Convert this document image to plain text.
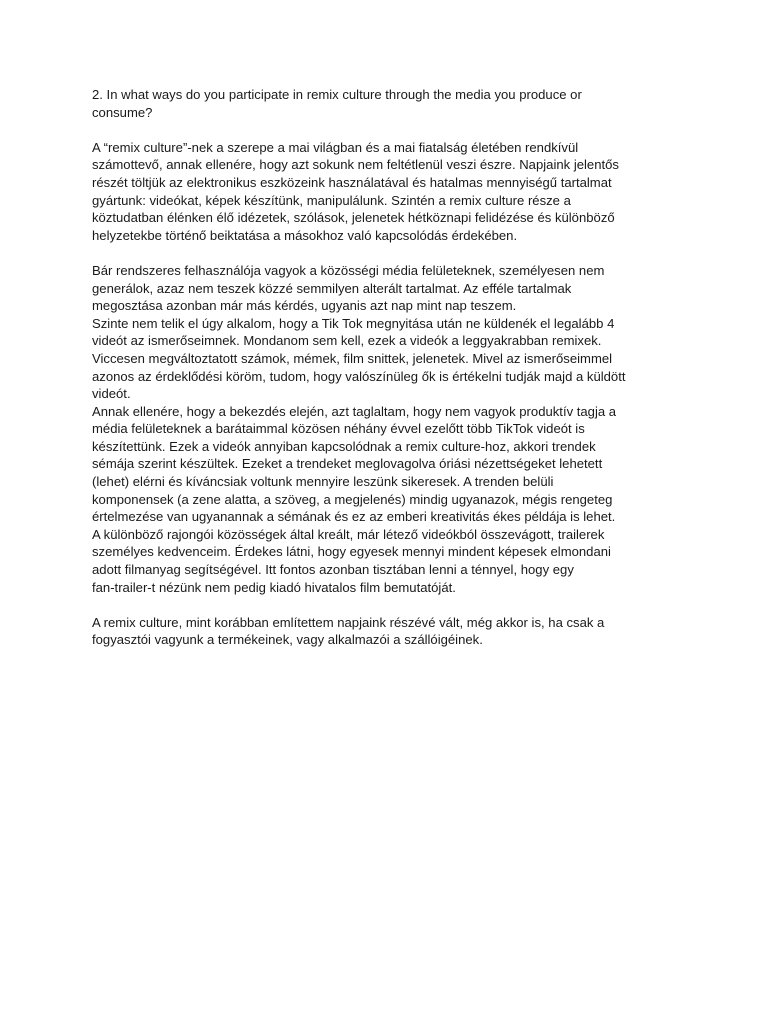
2. In what ways do you participate in remix culture through the media you produce or
consume?
A “remix culture”-nek a szerepe a mai világban és a mai fiatalság életében rendkívül
számottevő, annak ellenére, hogy azt sokunk nem feltétlenül veszi észre. Napjaink jelentős
részét töltjük az elektronikus eszközeink használatával és hatalmas mennyiségű tartalmat
gyártunk: videókat, képek készítünk, manipulálunk. Szintén a remix culture része a
köztudatban élénken élő idézetek, szólások, jelenetek hétköznapi felidézése és különböző
helyzetekbe történő beiktatása a másokhoz való kapcsolódás érdekében.
Bár rendszeres felhasználója vagyok a közösségi média felületeknek, személyesen nem
generálok, azaz nem teszek közzé semmilyen alterált tartalmat. Az efféle tartalmak
megosztása azonban már más kérdés, ugyanis azt nap mint nap teszem.
Szinte nem telik el úgy alkalom, hogy a Tik Tok megnyitása után ne küldenék el legalább 4
videót az ismerőseimnek. Mondanom sem kell, ezek a videók a leggyakrabban remixek.
Viccesen megváltoztatott számok, mémek, film snittek, jelenetek. Mivel az ismerőseimmel
azonos az érdeklődési köröm, tudom, hogy valószínüleg ők is értékelni tudják majd a küldött
videót.
Annak ellenére, hogy a bekezdés elején, azt taglaltam, hogy nem vagyok produktív tagja a
média felületeknek a barátaimmal közösen néhány évvel ezelőtt több TikTok videót is
készítettünk. Ezek a videók annyiban kapcsolódnak a remix culture-hoz, akkori trendek
sémája szerint készültek. Ezeket a trendeket meglovagolva óriási nézettségeket lehetett
(lehet) elérni és kíváncsiak voltunk mennyire leszünk sikeresek. A trenden belüli
komponensek (a zene alatta, a szöveg, a megjelenés) mindig ugyanazok, mégis rengeteg
értelmezése van ugyanannak a sémának és ez az emberi kreativitás ékes példája is lehet.
A különböző rajongói közösségek által kreált, már létező videókból összevágott, trailerek
személyes kedvenceim. Érdekes látni, hogy egyesek mennyi mindent képesek elmondani
adott filmanyag segítségével. Itt fontos azonban tisztában lenni a ténnyel, hogy egy
fan-trailer-t nézünk nem pedig kiadó hivatalos film bemutatóját.
A remix culture, mint korábban említettem napjaink részévé vált, még akkor is, ha csak a
fogyasztói vagyunk a termékeinek, vagy alkalmazói a szállóigéinek.
